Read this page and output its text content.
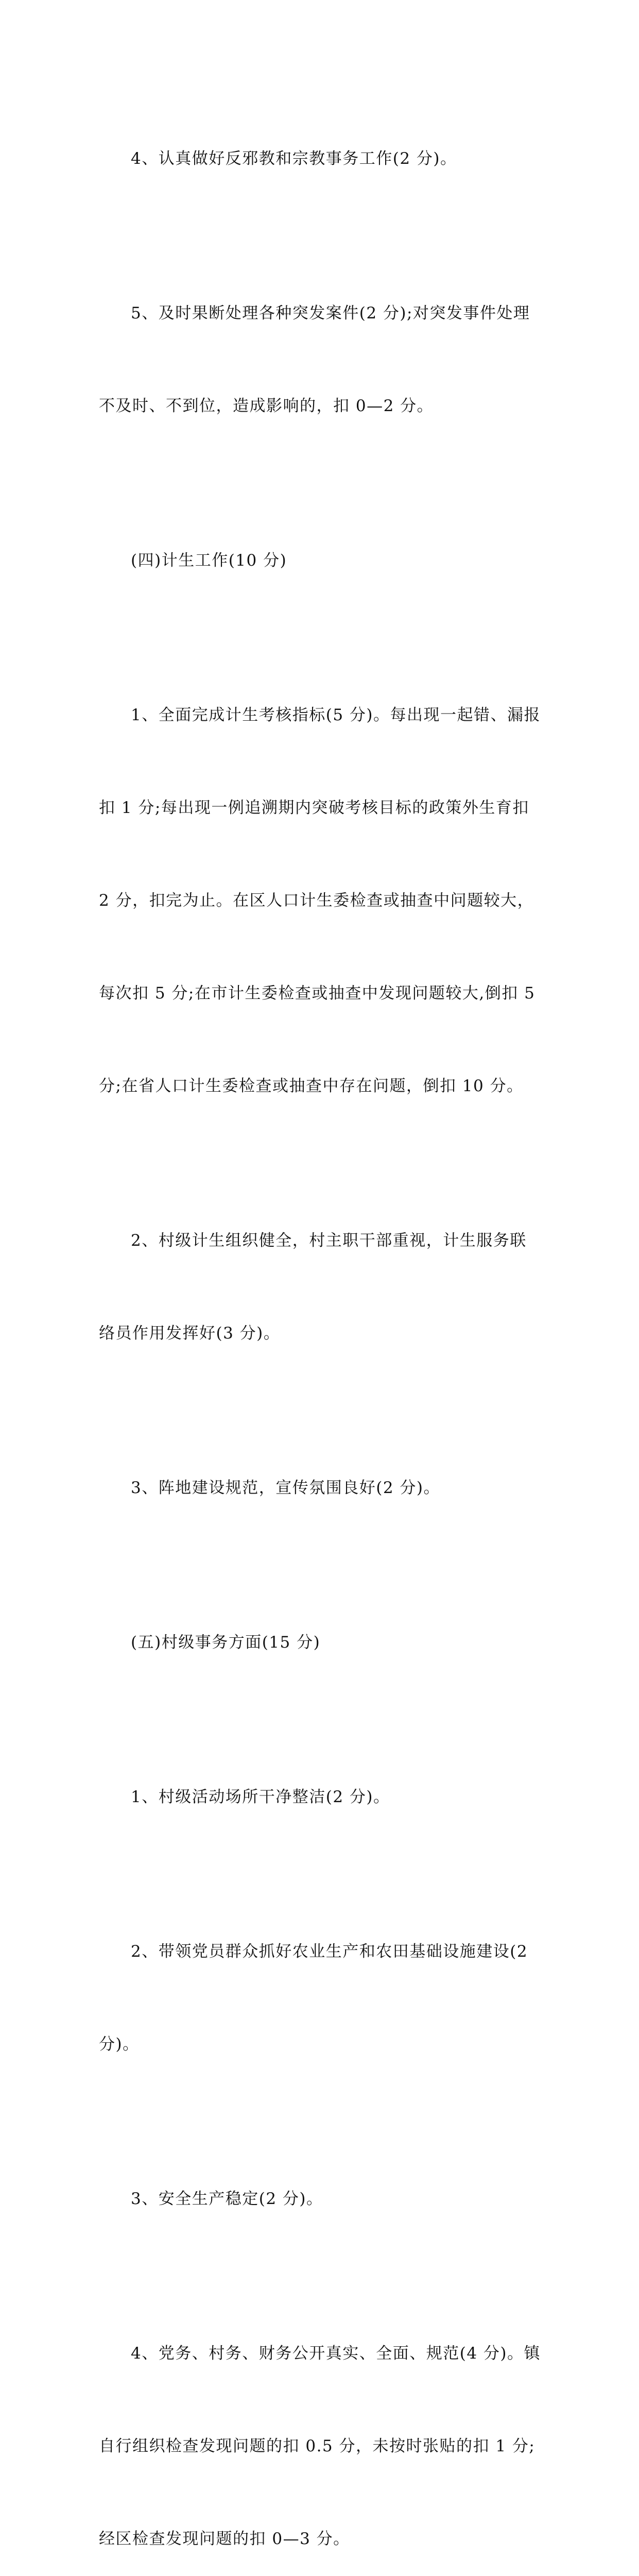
4、认真做好反邪教和宗教事务工作(2 分)。

5、及时果断处理各种突发案件(2 分);对突发事件处理

不及时、不到位，造成影响的，扣 0—2 分。

(四)计生工作(10 分)

1、全面完成计生考核指标(5 分)。每出现一起错、漏报

扣 1 分;每出现一例追溯期内突破考核目标的政策外生育扣

2 分，扣完为止。在区人口计生委检查或抽查中问题较大，

每次扣 5 分;在市计生委检查或抽查中发现问题较大,倒扣 5

分;在省人口计生委检查或抽查中存在问题，倒扣 10 分。

2、村级计生组织健全，村主职干部重视，计生服务联

络员作用发挥好(3 分)。

3、阵地建设规范，宣传氛围良好(2 分)。

(五)村级事务方面(15 分)

1、村级活动场所干净整洁(2 分)。

2、带领党员群众抓好农业生产和农田基础设施建设(2

分)。

3、安全生产稳定(2 分)。

4、党务、村务、财务公开真实、全面、规范(4 分)。镇

自行组织检查发现问题的扣 0.5 分，未按时张贴的扣 1 分;

经区检查发现问题的扣 0—3 分。
